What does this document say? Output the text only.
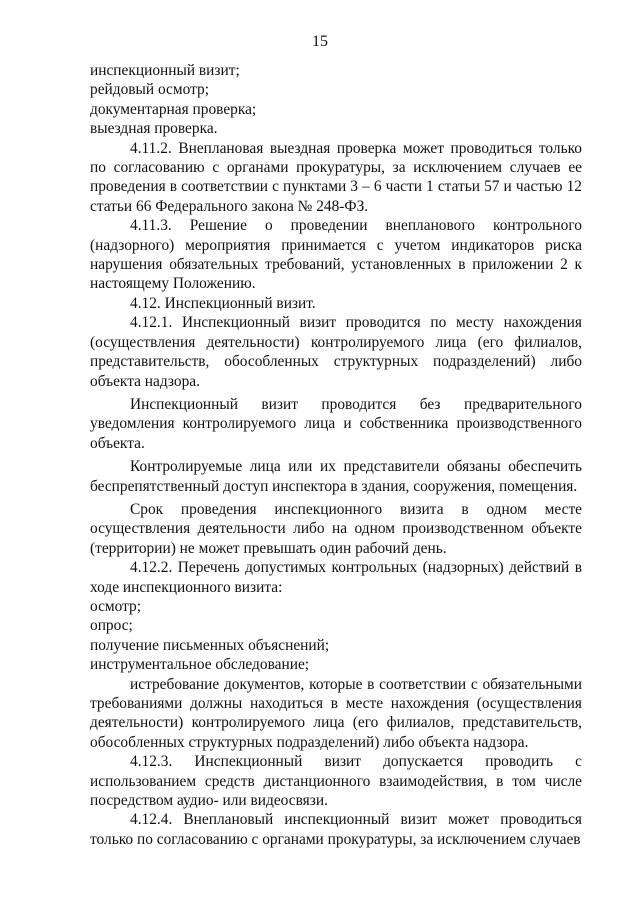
15

инспекционный визит;

рейдовый осмотр;

документарная проверка;

выездная проверка.

4.11.2. Внеплановая выездная проверка может проводиться только по согласованию с органами прокуратуры, за исключением случаев ее проведения в соответствии с пунктами 3 – 6 части 1 статьи 57 и частью 12 статьи 66 Федерального закона № 248-ФЗ.

4.11.3. Решение о проведении внепланового контрольного (надзорного) мероприятия принимается с учетом индикаторов риска нарушения обязательных требований, установленных в приложении 2 к настоящему Положению.

4.12. Инспекционный визит.

4.12.1. Инспекционный визит проводится по месту нахождения (осуществления деятельности) контролируемого лица (его филиалов, представительств, обособленных структурных подразделений) либо объекта надзора.

Инспекционный визит проводится без предварительного уведомления контролируемого лица и собственника производственного объекта.

Контролируемые лица или их представители обязаны обеспечить беспрепятственный доступ инспектора в здания, сооружения, помещения.

Срок проведения инспекционного визита в одном месте осуществления деятельности либо на одном производственном объекте (территории) не может превышать один рабочий день.

4.12.2. Перечень допустимых контрольных (надзорных) действий в ходе инспекционного визита:

осмотр;

опрос;

получение письменных объяснений;

инструментальное обследование;

истребование документов, которые в соответствии с обязательными требованиями должны находиться в месте нахождения (осуществления деятельности) контролируемого лица (его филиалов, представительств, обособленных структурных подразделений) либо объекта надзора.

4.12.3. Инспекционный визит допускается проводить с использованием средств дистанционного взаимодействия, в том числе посредством аудио- или видеосвязи.

4.12.4. Внеплановый инспекционный визит может проводиться только по согласованию с органами прокуратуры, за исключением случаев
